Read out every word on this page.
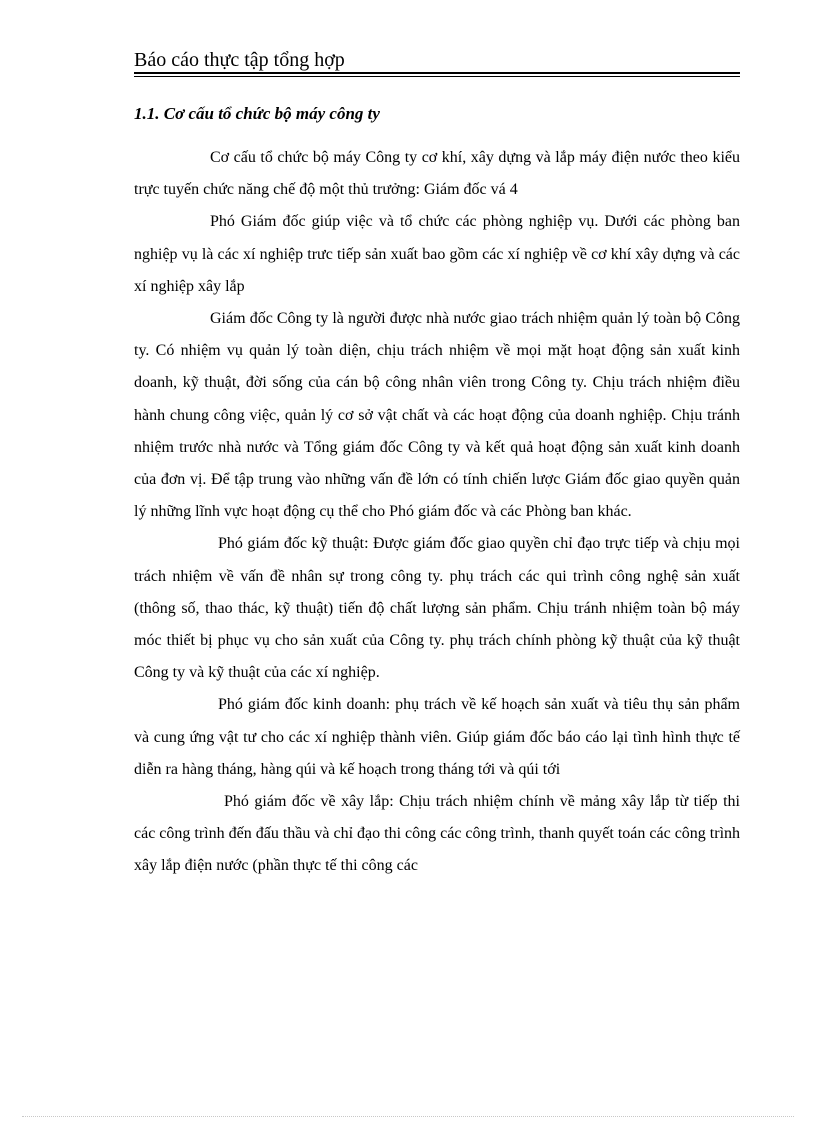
Báo cáo thực tập tổng hợp
1.1. Cơ cấu tổ chức bộ máy công ty

Cơ cấu tổ chức bộ máy Công ty cơ khí, xây dựng và lắp máy điện nước theo kiểu trực tuyến chức năng chế độ một thủ trưởng: Giám đốc vá 4

Phó Giám đốc giúp việc và tổ chức các phòng nghiệp vụ. Dưới các phòng ban nghiệp vụ là các xí nghiệp trưc tiếp sản xuất bao gồm các xí nghiệp về cơ khí xây dựng và các xí nghiệp xây lắp

Giám đốc Công ty là người được nhà nước giao trách nhiệm quản lý toàn bộ Công ty. Có nhiệm vụ quản lý toàn diện, chịu trách nhiệm về mọi mặt hoạt động sản xuất kinh doanh, kỹ thuật, đời sống của cán bộ công nhân viên trong Công ty. Chịu trách nhiệm điều hành chung công việc, quản lý cơ sở vật chất và các hoạt động của doanh nghiệp. Chịu tránh nhiệm trước nhà nước và Tổng giám đốc Công ty và kết quả hoạt động sản xuất kinh doanh của đơn vị. Để tập trung vào những vấn đề lớn có tính chiến lược Giám đốc giao quyền quản lý những lĩnh vực hoạt động cụ thể cho Phó giám đốc và các Phòng ban khác.

Phó giám đốc kỹ thuật: Được giám đốc giao quyền chỉ đạo trực tiếp và chịu mọi trách nhiệm về vấn đề nhân sự trong công ty. phụ trách các qui trình công nghệ sản xuất (thông số, thao thác, kỹ thuật) tiến độ chất lượng sản phẩm. Chịu tránh nhiệm toàn bộ máy móc thiết bị phục vụ cho sản xuất của Công ty. phụ trách chính phòng kỹ thuật của kỹ thuật Công ty và kỹ thuật của các xí nghiệp.

Phó giám đốc kinh doanh: phụ trách về kế hoạch sản xuất và tiêu thụ sản phẩm và cung ứng vật tư cho các xí nghiệp thành viên. Giúp giám đốc báo cáo lại tình hình thực tế diễn ra hàng tháng, hàng qúi và kế hoạch trong tháng tới và qúi tới

Phó giám đốc về xây lắp: Chịu trách nhiệm chính về mảng xây lắp từ tiếp thi các công trình đến đấu thầu và chỉ đạo thi công các công trình, thanh quyết toán các công trình xây lắp điện nước (phần thực tế thi công các
